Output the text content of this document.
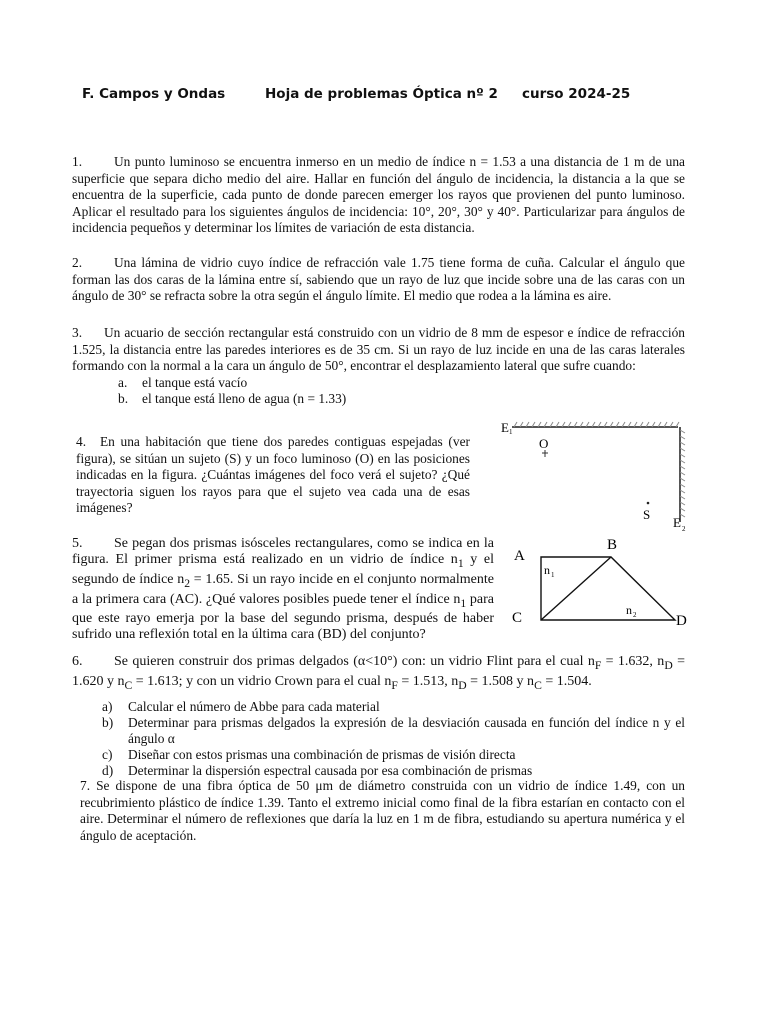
F. Campos y Ondas	Hoja de problemas Óptica nº 2 curso 2024-25

1. Un punto luminoso se encuentra inmerso en un medio de índice n = 1.53 a una distancia de 1 m de una superficie que separa dicho medio del aire. Hallar en función del ángulo de incidencia, la distancia a la que se encuentra de la superficie, cada punto de donde parecen emerger los rayos que provienen del punto luminoso. Aplicar el resultado para los siguientes ángulos de incidencia: 10°, 20°, 30° y 40°. Particularizar para ángulos de incidencia pequeños y determinar los límites de variación de esta distancia.

2. Una lámina de vidrio cuyo índice de refracción vale 1.75 tiene forma de cuña. Calcular el ángulo que forman las dos caras de la lámina entre sí, sabiendo que un rayo de luz que incide sobre una de las caras con un ángulo de 30° se refracta sobre la otra según el ángulo límite. El medio que rodea a la lámina es aire.

3. Un acuario de sección rectangular está construido con un vidrio de 8 mm de espesor e índice de refracción 1.525, la distancia entre las paredes interiores es de 35 cm. Si un rayo de luz incide en una de las caras laterales formando con la normal a la cara un ángulo de 50°, encontrar el desplazamiento lateral que sufre cuando:
a. el tanque está vacío
b. el tanque está lleno de agua (n = 1.33)

4. En una habitación que tiene dos paredes contiguas espejadas (ver figura), se sitúan un sujeto (S) y un foco luminoso (O) en las posiciones indicadas en la figura. ¿Cuántas imágenes del foco verá el sujeto? ¿Qué trayectoria siguen los rayos para que el sujeto vea cada una de esas imágenes?

E 1
E 2
O
S

5. Se pegan dos prismas isósceles rectangulares, como se indica en la figura. El primer prisma está realizado en un vidrio de índice $n_1$ y el segundo de índice $n_2 = 1.65$. Si un rayo incide en el conjunto normalmente a la primera cara (AC). ¿Qué valores posibles puede tener el índice $n_1$ para que este rayo emerja por la base del segundo prisma, después de haber sufrido una reflexión total en la última cara (BD) del conjunto?

A
B
C	D
n 1
n 2
6. Se quieren construir dos primas delgados (α<10°) con: un vidrio Flint para el cual $n_F = 1.632$, $n_D = 1.620$ y $n_C = 1.613$; y con un vidrio Crown para el cual $n_F = 1.513$, $n_D = 1.508$ y $n_C = 1.504$.
a) Calcular el número de Abbe para cada material
b) Determinar para prismas delgados la expresión de la desviación causada en función del índice n y el ángulo α
c) Diseñar con estos prismas una combinación de prismas de visión directa
d) Determinar la dispersión espectral causada por esa combinación de prismas

7. Se dispone de una fibra óptica de 50 μm de diámetro construida con un vidrio de índice 1.49, con un recubrimiento plástico de índice 1.39. Tanto el extremo inicial como final de la fibra estarían en contacto con el aire. Determinar el número de reflexiones que daría la luz en 1 m de fibra, estudiando su apertura numérica y el ángulo de aceptación.
